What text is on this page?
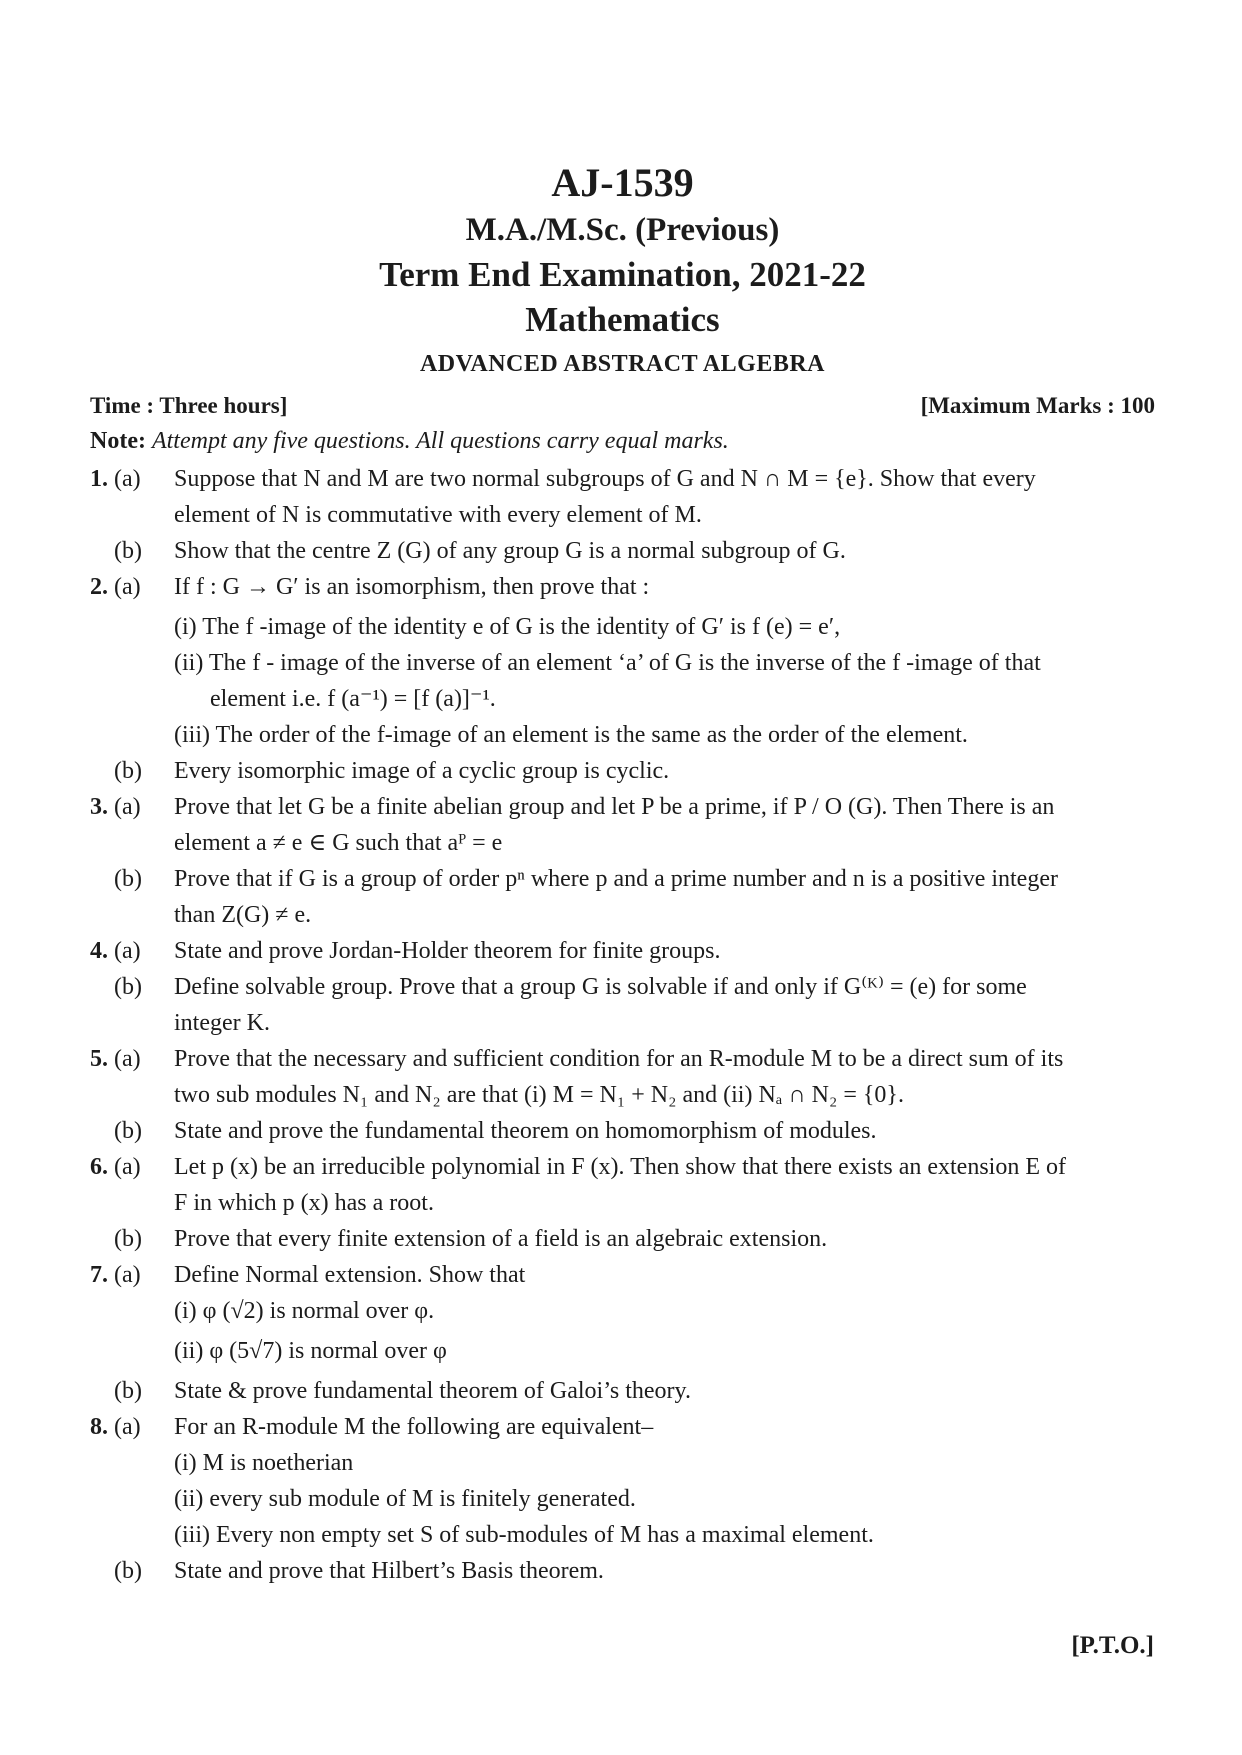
AJ-1539
M.A./M.Sc. (Previous)
Term End Examination, 2021-22
Mathematics
ADVANCED ABSTRACT ALGEBRA
Time : Three hours]	[Maximum Marks : 100
Note: Attempt any five questions. All questions carry equal marks.
1. (a)	Suppose that N and M are two normal subgroups of G and N ∩ M = {e}. Show that every
element of N is commutative with every element of M.
(b)	Show that the centre Z (G) of any group G is a normal subgroup of G.
2. (a)	If f : G → G′ is an isomorphism, then prove that :
(i) The f -image of the identity e of G is the identity of G′ is f (e) = e′,
(ii) The f - image of the inverse of an element ‘a’ of G is the inverse of the f -image of that
element i.e. f (a⁻¹) = [f (a)]⁻¹.
(iii) The order of the f-image of an element is the same as the order of the element.
(b)	Every isomorphic image of a cyclic group is cyclic.
3. (a)	Prove that let G be a finite abelian group and let P be a prime, if P / O (G). Then There is an
element a ≠ e ∈ G such that aᴾ = e
(b)	Prove that if G is a group of order pⁿ where p and a prime number and n is a positive integer
than Z(G) ≠ e.
4. (a)	State and prove Jordan-Holder theorem for finite groups.
(b)	Define solvable group. Prove that a group G is solvable if and only if G⁽ᴷ⁾ = (e) for some
integer K.
5. (a)	Prove that the necessary and sufficient condition for an R-module M to be a direct sum of its
two sub modules N₁ and N₂ are that (i) M = N₁ + N₂ and (ii) Nₐ ∩ N₂ = {0}.
(b)	State and prove the fundamental theorem on homomorphism of modules.
6. (a)	Let p (x) be an irreducible polynomial in F (x). Then show that there exists an extension E of
F in which p (x) has a root.
(b)	Prove that every finite extension of a field is an algebraic extension.
7. (a)	Define Normal extension. Show that
(i) φ (√2) is normal over φ.
(ii) φ (5√7) is normal over φ
(b)	State & prove fundamental theorem of Galoi’s theory.
8. (a)	For an R-module M the following are equivalent–
(i) M is noetherian
(ii) every sub module of M is finitely generated.
(iii) Every non empty set S of sub-modules of M has a maximal element.
(b)	State and prove that Hilbert’s Basis theorem.
[P.T.O.]
